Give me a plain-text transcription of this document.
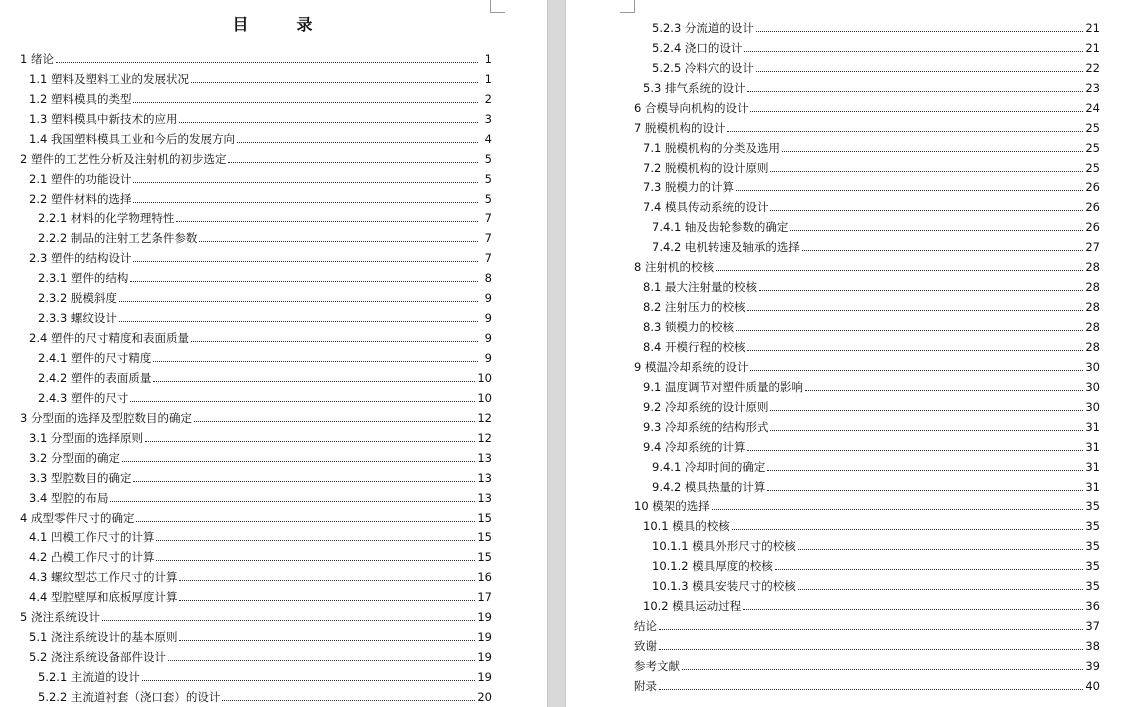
目	录
1 绪论	1
1.1 塑料及塑料工业的发展状况	1
1.2 塑料模具的类型	2
1.3 塑料模具中新技术的应用	3
1.4 我国塑料模具工业和今后的发展方向	4
2 塑件的工艺性分析及注射机的初步选定	5
2.1 塑件的功能设计	5
2.2 塑件材料的选择	5
2.2.1 材料的化学物理特性	7
2.2.2 制品的注射工艺条件参数	7
2.3 塑件的结构设计	7
2.3.1 塑件的结构	8
2.3.2 脱模斜度	9
2.3.3 螺纹设计	9
2.4 塑件的尺寸精度和表面质量	9
2.4.1 塑件的尺寸精度	9
2.4.2 塑件的表面质量	10
2.4.3 塑件的尺寸	10
3 分型面的选择及型腔数目的确定	12
3.1 分型面的选择原则	12
3.2 分型面的确定	13
3.3 型腔数目的确定	13
3.4 型腔的布局	13
4 成型零件尺寸的确定	15
4.1 凹模工作尺寸的计算	15
4.2 凸模工作尺寸的计算	15
4.3 螺纹型芯工作尺寸的计算	16
4.4 型腔壁厚和底板厚度计算	17
5 浇注系统设计	19
5.1 浇注系统设计的基本原则	19
5.2 浇注系统设备部件设计	19
5.2.1 主流道的设计	19
5.2.2 主流道衬套（浇口套）的设计	20
5.2.3 分流道的设计	21
5.2.4 浇口的设计	21
5.2.5 冷料穴的设计	22
5.3 排气系统的设计	23
6 合模导向机构的设计	24
7 脱模机构的设计	25
7.1 脱模机构的分类及选用	25
7.2 脱模机构的设计原则	25
7.3 脱模力的计算	26
7.4 模具传动系统的设计	26
7.4.1 轴及齿轮参数的确定	26
7.4.2 电机转速及轴承的选择	27
8 注射机的校核	28
8.1 最大注射量的校核	28
8.2 注射压力的校核	28
8.3 锁模力的校核	28
8.4 开模行程的校核	28
9 模温冷却系统的设计	30
9.1 温度调节对塑件质量的影响	30
9.2 冷却系统的设计原则	30
9.3 冷却系统的结构形式	31
9.4 冷却系统的计算	31
9.4.1 冷却时间的确定	31
9.4.2 模具热量的计算	31
10 模架的选择	35
10.1 模具的校核	35
10.1.1 模具外形尺寸的校核	35
10.1.2 模具厚度的校核	35
10.1.3 模具安装尺寸的校核	35
10.2 模具运动过程	36
结论	37
致谢	38
参考文献	39
附录	40
